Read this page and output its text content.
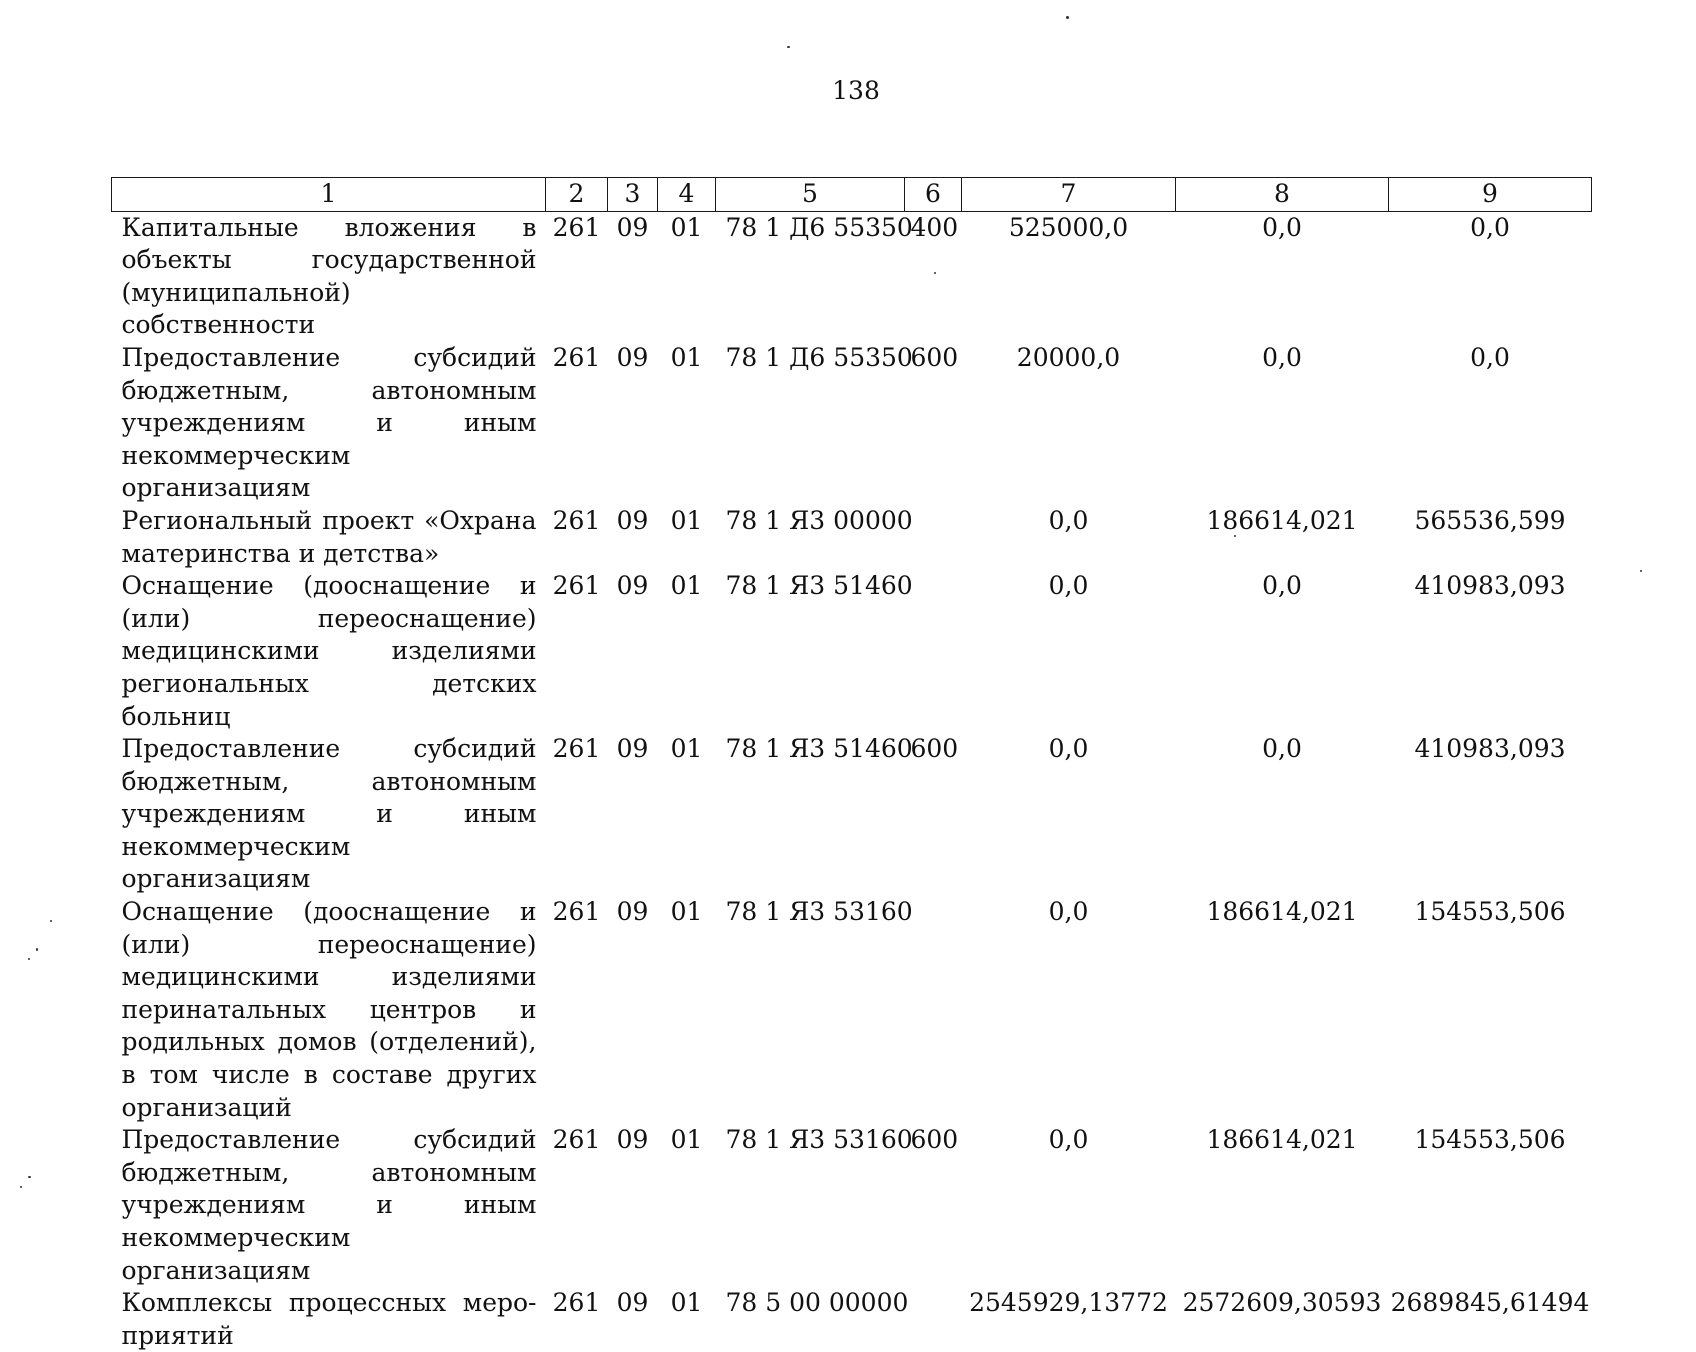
138
1	2	3	4	5	6	7	8	9
Капитальные вложения в объекты государственной (муниципальной) собственности	261	09	01	78 1 Д6 55350	400	525000,0	0,0	0,0
Предоставление субсидий бюджетным, автономным учреждениям и иным некоммерческим организациям	261	09	01	78 1 Д6 55350	600	20000,0	0,0	0,0
Региональный проект «Охрана материнства и детства»	261	09	01	78 1 Я3 00000		0,0	186614,021	565536,599
Оснащение (дооснащение и (или) переоснащение) медицинскими изделиями региональных детских больниц	261	09	01	78 1 Я3 51460		0,0	0,0	410983,093
Предоставление субсидий бюджетным, автономным учреждениям и иным некоммерческим организациям	261	09	01	78 1 Я3 51460	600	0,0	0,0	410983,093
Оснащение (дооснащение и (или) переоснащение) медицинскими изделиями перинатальных центров и родильных домов (отделений), в том числе в составе других организаций	261	09	01	78 1 Я3 53160		0,0	186614,021	154553,506
Предоставление субсидий бюджетным, автономным учреждениям и иным некоммерческим организациям	261	09	01	78 1 Я3 53160	600	0,0	186614,021	154553,506
Комплексы процессных мероприятий	261	09	01	78 5 00 00000		2545929,13772	2572609,30593	2689845,61494
